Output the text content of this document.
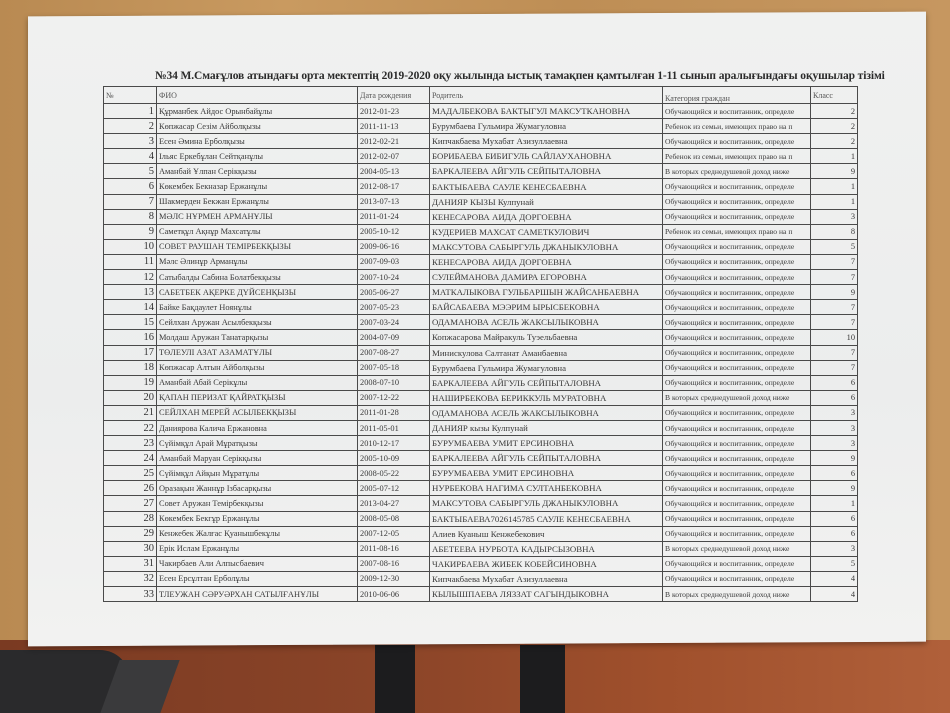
№34 М.Смағұлов атындағы орта мектептің 2019-2020 оқу жылында ыстық тамақпен қамтылған 1-11 сынып аралығындағы оқушылар тізімі
№	ФИО	Дата рождения	Родитель	Категория граждан	Класс
1	Құрманбек Айдос Орынбайұлы	2012-01-23	МАДАЛБЕКОВА БАКТЫГУЛ МАКСУТКАНОВНА	Обучающийся и воспитанник, определе	2
2	Көпжасар Сезім Айболқызы	2011-11-13	Бурумбаева Гульмира Жумагуловна	Ребенок из семьи, имеющих право на п	2
3	Есен Әмина Ерболқызы	2012-02-21	Кипчакбаева Мухабат Азизуллаевна	Обучающийся и воспитанник, определе	2
4	Ільяс Еркебұлан Сейтқанұлы	2012-02-07	БОРИБАЕВА БИБИГУЛЬ САЙЛАУХАНОВНА	Ребенок из семьи, имеющих право на п	1
5	Аманбай Ұлпан Серікқызы	2004-05-13	БАРКАЛЕЕВА АЙГУЛЬ СЕЙПЫТАЛОВНА	В которых среднедушевой доход ниже	9
6	Көкембек Бекназар Ержанұлы	2012-08-17	БАКТЫБАЕВА САУЛЕ КЕНЕСБАЕВНА	Обучающийся и воспитанник, определе	1
7	Шакмерден Бекжан Ержанұлы	2013-07-13	ДАНИЯР КЫЗЫ Кулпунай	Обучающийся и воспитанник, определе	1
8	МӘЛС НҰРМЕН АРМАНҰЛЫ	2011-01-24	КЕНЕСАРОВА АИДА ДОРГОЕВНА	Обучающийся и воспитанник, определе	3
9	Саметқұл Ақнұр Махсатұлы	2005-10-12	КУДЕРИЕВ МАХСАТ САМЕТКУЛОВИЧ	Ребенок из семьи, имеющих право на п	8
10	СОВЕТ РАУШАН ТЕМІРБЕКҚЫЗЫ	2009-06-16	МАКСУТОВА САБЫРГУЛЬ ДЖАНЫКУЛОВНА	Обучающийся и воспитанник, определе	5
11	Мәлс Әлинұр Арманұлы	2007-09-03	КЕНЕСАРОВА АИДА ДОРГОЕВНА	Обучающийся и воспитанник, определе	7
12	Сатыбалды Сабина Болатбекқызы	2007-10-24	СУЛЕЙМАНОВА ДАМИРА ЕГОРОВНА	Обучающийся и воспитанник, определе	7
13	САБЕТБЕК АҚЕРКЕ ДҮЙСЕНҚЫЗЫ	2005-06-27	МАТКАЛЫКОВА ГУЛЬБАРШЫН ЖАЙСАНБАЕВНА	Обучающийся и воспитанник, определе	9
14	Байке Бақдаулет Ноянұлы	2007-05-23	БАЙСАБАЕВА МЭЭРИМ ЫРЫСБЕКОВНА	Обучающийся и воспитанник, определе	7
15	Сейлхан Аружан Асылбекқызы	2007-03-24	ОДАМАНОВА АСЕЛЬ ЖАКСЫЛЫКОВНА	Обучающийся и воспитанник, определе	7
16	Молдаш Аружан Танатарқызы	2004-07-09	Копжасарова Майракуль Туэельбаевна	Обучающийся и воспитанник, определе	10
17	ТӨЛЕУЛІ АЗАТ АЗАМАТҰЛЫ	2007-08-27	Минискулова Салтанат Аманбаевна	Обучающийся и воспитанник, определе	7
18	Көпжасар Алтын Айболқызы	2007-05-18	Бурумбаева Гульмира Жумагуловна	Обучающийся и воспитанник, определе	7
19	Аманбай Абай Серікұлы	2008-07-10	БАРКАЛЕЕВА АЙГУЛЬ СЕЙПЫТАЛОВНА	Обучающийся и воспитанник, определе	6
20	ҚАПАН ПЕРИЗАТ ҚАЙРАТҚЫЗЫ	2007-12-22	НАШИРБЕКОВА БЕРИККУЛЬ МУРАТОВНА	В которых среднедушевой доход ниже	6
21	СЕЙЛХАН МЕРЕЙ АСЫЛБЕКҚЫЗЫ	2011-01-28	ОДАМАНОВА АСЕЛЬ ЖАКСЫЛЫКОВНА	Обучающийся и воспитанник, определе	3
22	Даниярова Калича Ержановна	2011-05-01	ДАНИЯР кызы Кулпунай	Обучающийся и воспитанник, определе	3
23	Сүйімқұл Арай Мұратқызы	2010-12-17	БУРУМБАЕВА УМИТ ЕРСИНОВНА	Обучающийся и воспитанник, определе	3
24	Аманбай Маруан Серікқызы	2005-10-09	БАРКАЛЕЕВА АЙГУЛЬ СЕЙПЫТАЛОВНА	Обучающийся и воспитанник, определе	9
25	Сүйімқұл Айқын Мұратұлы	2008-05-22	БУРУМБАЕВА УМИТ ЕРСИНОВНА	Обучающийся и воспитанник, определе	6
26	Оразақын Жаннұр Ізбасарқызы	2005-07-12	НУРБЕКОВА НАГИМА СУЛТАНБЕКОВНА	Обучающийся и воспитанник, определе	9
27	Совет Аружан Темірбекқызы	2013-04-27	МАКСУТОВА САБЫРГУЛЬ ДЖАНЫКУЛОВНА	Обучающийся и воспитанник, определе	1
28	Көкембек Бекгұр Ержанұлы	2008-05-08	БАКТЫБАЕВА7026145785 САУЛЕ КЕНЕСБАЕВНА	Обучающийся и воспитанник, определе	6
29	Кенжебек Жалғас Қуанышбекұлы	2007-12-05	Алиев Куаныш Кенжебекович	Обучающийся и воспитанник, определе	6
30	Ерік Ислам Ержанұлы	2011-08-16	АБЕТЕЕВА НУРБОТА КАДЫРСЫЗОВНА	В которых среднедушевой доход ниже	3
31	Чакирбаев Али Алпысбаевич	2007-08-16	ЧАКИРБАЕВА ЖИБЕК КОБЕЙСИНОВНА	Обучающийся и воспитанник, определе	5
32	Есен Ерсұлтан Ерболұлы	2009-12-30	Кипчакбаева Мухабат Азизуллаевна	Обучающийся и воспитанник, определе	4
33	ТЛЕУЖАН СӘРУӘРХАН САТЫЛҒАНҰЛЫ	2010-06-06	КЫЛЫШПАЕВА ЛЯЗЗАТ САГЫНДЫКОВНА	В которых среднедушевой доход ниже	4
